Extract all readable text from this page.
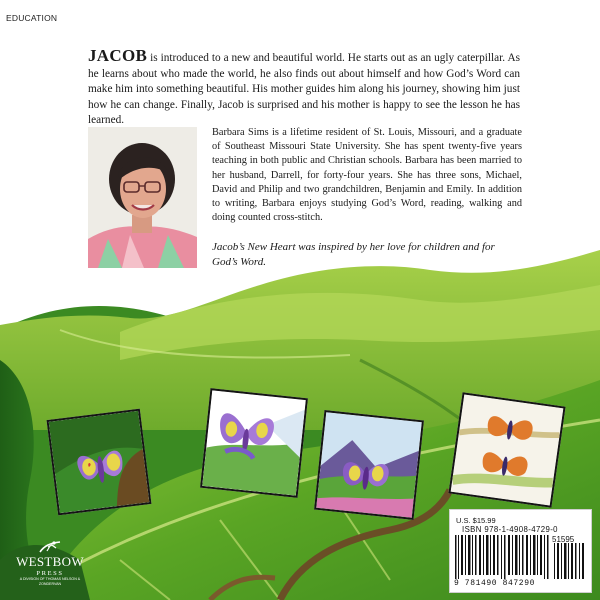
EDUCATION

JACOB is introduced to a new and beautiful world. He starts out as an ugly caterpillar. As he learns about who made the world, he also finds out about himself and how God’s Word can make him into something beautiful. His mother guides him along his journey, showing him just how he can change. Finally, Jacob is surprised and his mother is happy to see the lesson he has learned.

Barbara Sims is a lifetime resident of St. Louis, Missouri, and a graduate of Southeast Missouri State University. She has spent twenty-five years teaching in both public and Christian schools. Barbara has been married to her husband, Darrell, for forty-four years. She has three sons, Michael, David and Philip and two grandchildren, Benjamin and Emily. In addition to writing, Barbara enjoys studying God’s Word, reading, walking and doing counted cross-stitch.

Jacob’s New Heart was inspired by her love for children and for God’s Word.

WESTBOW
PRESS
A DIVISION OF THOMAS NELSON & ZONDERVAN
U.S. $15.99
ISBN 978-1-4908-4729-0
9 781490 847290
51595
